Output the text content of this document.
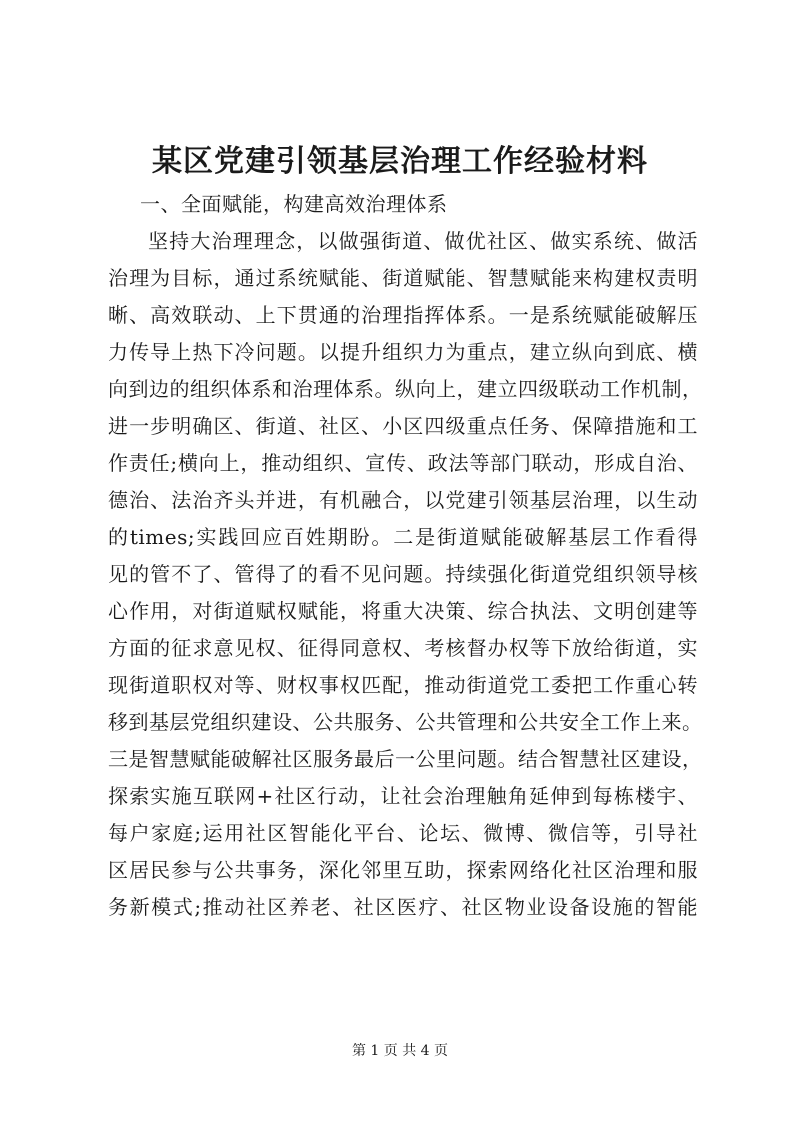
某区党建引领基层治理工作经验材料
一、全面赋能，构建高效治理体系
坚持大治理理念，以做强街道、做优社区、做实系统、做活
治理为目标，通过系统赋能、街道赋能、智慧赋能来构建权责明
晰、高效联动、上下贯通的治理指挥体系。一是系统赋能破解压
力传导上热下冷问题。以提升组织力为重点，建立纵向到底、横
向到边的组织体系和治理体系。纵向上，建立四级联动工作机制，
进一步明确区、街道、社区、小区四级重点任务、保障措施和工
作责任;横向上，推动组织、宣传、政法等部门联动，形成自治、
德治、法治齐头并进，有机融合，以党建引领基层治理，以生动
的times;实践回应百姓期盼。二是街道赋能破解基层工作看得
见的管不了、管得了的看不见问题。持续强化街道党组织领导核
心作用，对街道赋权赋能，将重大决策、综合执法、文明创建等
方面的征求意见权、征得同意权、考核督办权等下放给街道，实
现街道职权对等、财权事权匹配，推动街道党工委把工作重心转
移到基层党组织建设、公共服务、公共管理和公共安全工作上来。
三是智慧赋能破解社区服务最后一公里问题。结合智慧社区建设，
探索实施互联网+社区行动，让社会治理触角延伸到每栋楼宇、
每户家庭;运用社区智能化平台、论坛、微博、微信等，引导社
区居民参与公共事务，深化邻里互助，探索网络化社区治理和服
务新模式;推动社区养老、社区医疗、社区物业设备设施的智能
第 1 页 共 4 页
